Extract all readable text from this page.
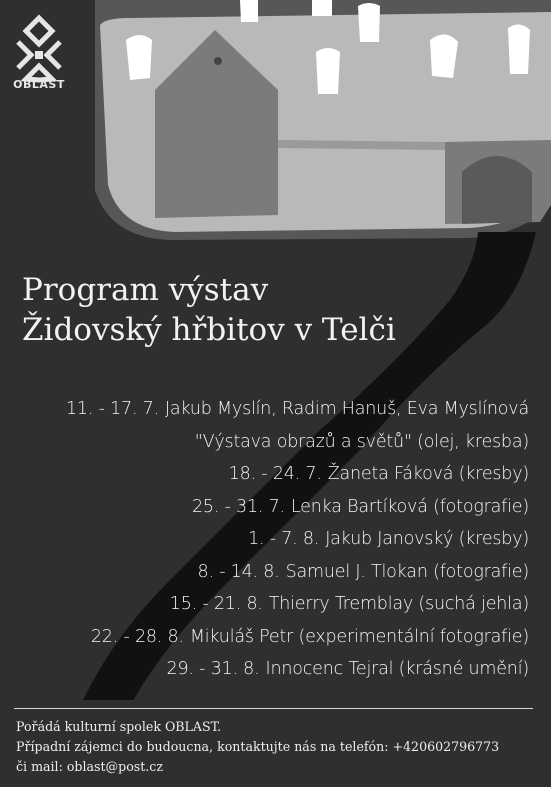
OBLAST
Program výstav
Židovský hřbitov v Telči
11. - 17. 7. Jakub Myslín, Radim Hanuš, Eva Myslínová
"Výstava obrazů a světů" (olej, kresba)
18. - 24. 7. Žaneta Fáková (kresby)
25. - 31. 7. Lenka Bartíková (fotografie)
1. - 7. 8. Jakub Janovský (kresby)
8. - 14. 8. Samuel J. Tlokan (fotografie)
15. - 21. 8. Thierry Tremblay (suchá jehla)
22. - 28. 8. Mikuláš Petr (experimentální fotografie)
29. - 31. 8. Innocenc Tejral (krásné umění)
Pořádá kulturní spolek OBLAST.
Případní zájemci do budoucna, kontaktujte nás na telefón: +420602796773
či mail: oblast@post.cz
